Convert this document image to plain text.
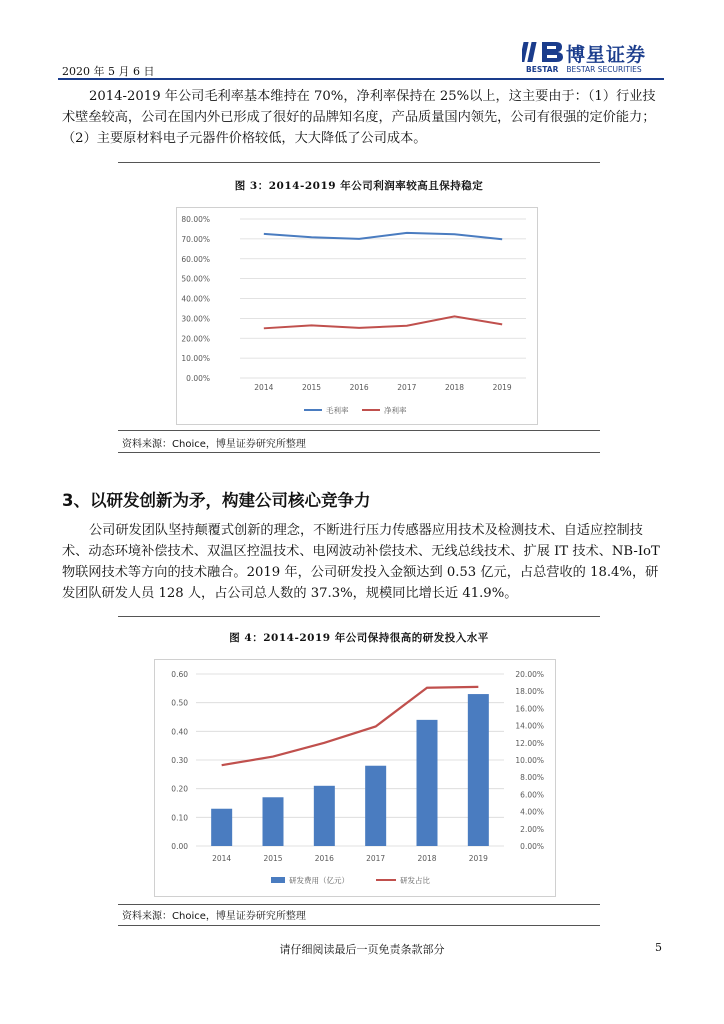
2020 年 5 月 6 日
博星证券
BESTAR BESTAR SECURITIES

2014-2019 年公司毛利率基本维持在 70%，净利率保持在 25%以上，这主要由于：（1）行业技术壁垒较高，公司在国内外已形成了很好的品牌知名度，产品质量国内领先，公司有很强的定价能力；（2）主要原材料电子元器件价格较低，大大降低了公司成本。

图 3：2014-2019 年公司利润率较高且保持稳定
0.00%
10.00%
20.00%
30.00%
40.00%
50.00%
60.00%
70.00%
80.00%
2014	2015	2016	2017	2018	2019
毛利率	净利率
资料来源：Choice，博星证券研究所整理
3、以研发创新为矛，构建公司核心竞争力

公司研发团队坚持颠覆式创新的理念，不断进行压力传感器应用技术及检测技术、自适应控制技术、动态环境补偿技术、双温区控温技术、电网波动补偿技术、无线总线技术、扩展 IT 技术、NB-IoT 物联网技术等方向的技术融合。2019 年，公司研发投入金额达到 0.53 亿元，占总营收的 18.4%，研发团队研发人员 128 人，占公司总人数的 37.3%，规模同比增长近 41.9%。

图 4：2014-2019 年公司保持很高的研发投入水平
0.00
0.10
0.20
0.30
0.40
0.50
0.60
0.00%
2.00%
4.00%
6.00%
8.00%
10.00%
12.00%
14.00%
16.00%
18.00%
20.00%
2014	2015	2016	2017	2018	2019
研发费用（亿元）	研发占比
资料来源：Choice，博星证券研究所整理
请仔细阅读最后一页免责条款部分	5
